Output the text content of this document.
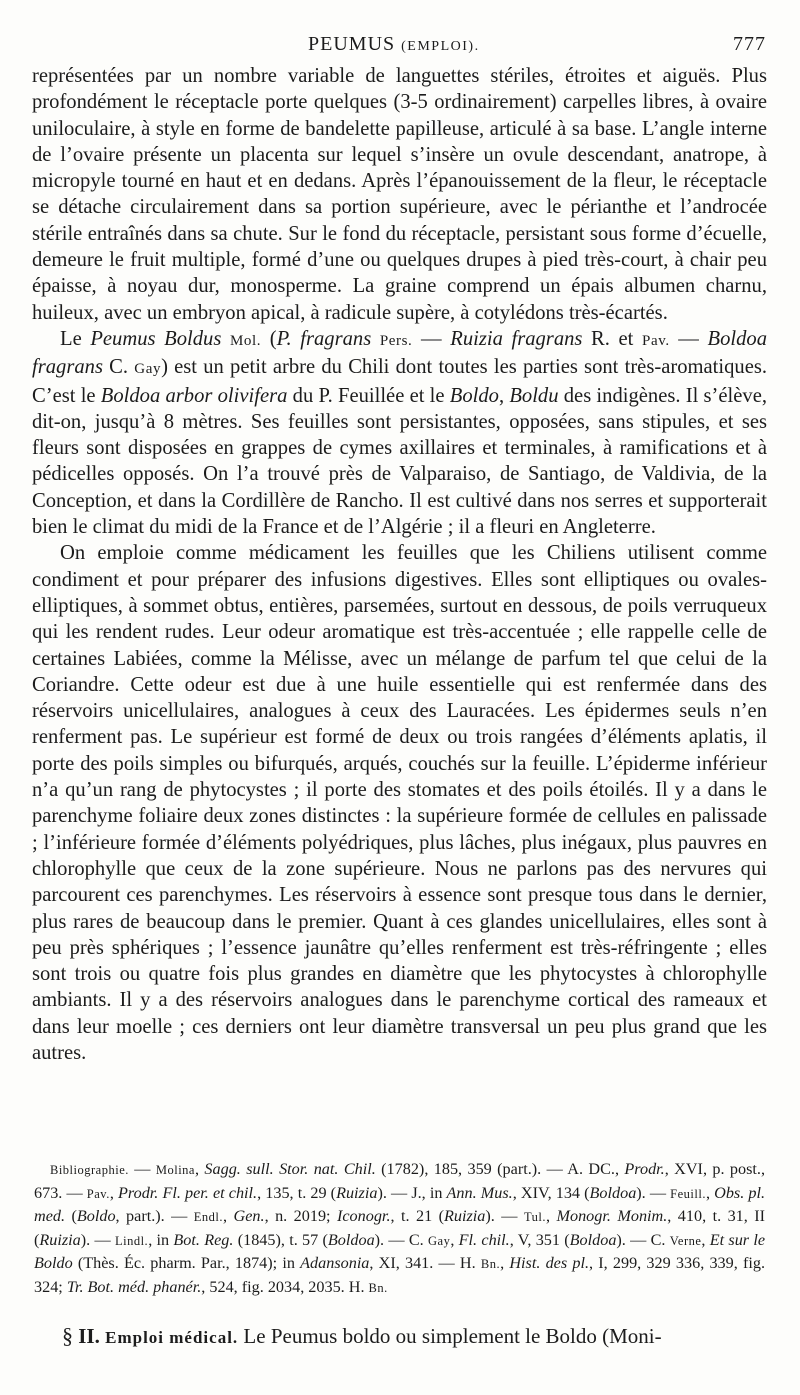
PEUMUS (EMPLOI).	777

représentées par un nombre variable de languettes stériles, étroites et aiguës. Plus profondément le réceptacle porte quelques (3-5 ordinairement) carpelles libres, à ovaire uniloculaire, à style en forme de bandelette papilleuse, articulé à sa base. L’angle interne de l’ovaire présente un placenta sur lequel s’insère un ovule descendant, anatrope, à micropyle tourné en haut et en dedans. Après l’épanouissement de la fleur, le réceptacle se détache circulairement dans sa portion supérieure, avec le périanthe et l’androcée stérile entraînés dans sa chute. Sur le fond du réceptacle, persistant sous forme d’écuelle, demeure le fruit multiple, formé d’une ou quelques drupes à pied très-court, à chair peu épaisse, à noyau dur, monosperme. La graine comprend un épais albumen charnu, huileux, avec un embryon apical, à radicule supère, à cotylédons très-écartés.

Le Peumus Boldus Mol. (P. fragrans Pers. — Ruizia fragrans R. et Pav. — Boldoa fragrans C. Gay) est un petit arbre du Chili dont toutes les parties sont très-aromatiques. C’est le Boldoa arbor olivifera du P. Feuillée et le Boldo, Boldu des indigènes. Il s’élève, dit-on, jusqu’à 8 mètres. Ses feuilles sont persistantes, opposées, sans stipules, et ses fleurs sont disposées en grappes de cymes axillaires et terminales, à ramifications et à pédicelles opposés. On l’a trouvé près de Valparaiso, de Santiago, de Valdivia, de la Conception, et dans la Cordillère de Rancho. Il est cultivé dans nos serres et supporterait bien le climat du midi de la France et de l’Algérie ; il a fleuri en Angleterre.

On emploie comme médicament les feuilles que les Chiliens utilisent comme condiment et pour préparer des infusions digestives. Elles sont elliptiques ou ovales-elliptiques, à sommet obtus, entières, parsemées, surtout en dessous, de poils verruqueux qui les rendent rudes. Leur odeur aromatique est très-accentuée ; elle rappelle celle de certaines Labiées, comme la Mélisse, avec un mélange de parfum tel que celui de la Coriandre. Cette odeur est due à une huile essentielle qui est renfermée dans des réservoirs unicellulaires, analogues à ceux des Lauracées. Les épidermes seuls n’en renferment pas. Le supérieur est formé de deux ou trois rangées d’éléments aplatis, il porte des poils simples ou bifurqués, arqués, couchés sur la feuille. L’épiderme inférieur n’a qu’un rang de phytocystes ; il porte des stomates et des poils étoilés. Il y a dans le parenchyme foliaire deux zones distinctes : la supérieure formée de cellules en palissade ; l’inférieure formée d’éléments polyédriques, plus lâches, plus inégaux, plus pauvres en chlorophylle que ceux de la zone supérieure. Nous ne parlons pas des nervures qui parcourent ces parenchymes. Les réservoirs à essence sont presque tous dans le dernier, plus rares de beaucoup dans le premier. Quant à ces glandes unicellulaires, elles sont à peu près sphériques ; l’essence jaunâtre qu’elles renferment est très-réfringente ; elles sont trois ou quatre fois plus grandes en diamètre que les phytocystes à chlorophylle ambiants. Il y a des réservoirs analogues dans le parenchyme cortical des rameaux et dans leur moelle ; ces derniers ont leur diamètre transversal un peu plus grand que les autres.

Bibliographie. — Molina, Sagg. sull. Stor. nat. Chil. (1782), 185, 359 (part.). — A. DC., Prodr., XVI, p. post., 673. — Pav., Prodr. Fl. per. et chil., 135, t. 29 (Ruizia). — J., in Ann. Mus., XIV, 134 (Boldoa). — Feuill., Obs. pl. med. (Boldo, part.). — Endl., Gen., n. 2019; Iconogr., t. 21 (Ruizia). — Tul., Monogr. Monim., 410, t. 31, II (Ruizia). — Lindl., in Bot. Reg. (1845), t. 57 (Boldoa). — C. Gay, Fl. chil., V, 351 (Boldoa). — C. Verne, Et sur le Boldo (Thès. Éc. pharm. Par., 1874); in Adansonia, XI, 341. — H. Bn., Hist. des pl., I, 299, 329 336, 339, fig. 324; Tr. Bot. méd. phanér., 524, fig. 2034, 2035. H. Bn.

§ II. Emploi médical. Le Peumus boldo ou simplement le Boldo (Moni-
